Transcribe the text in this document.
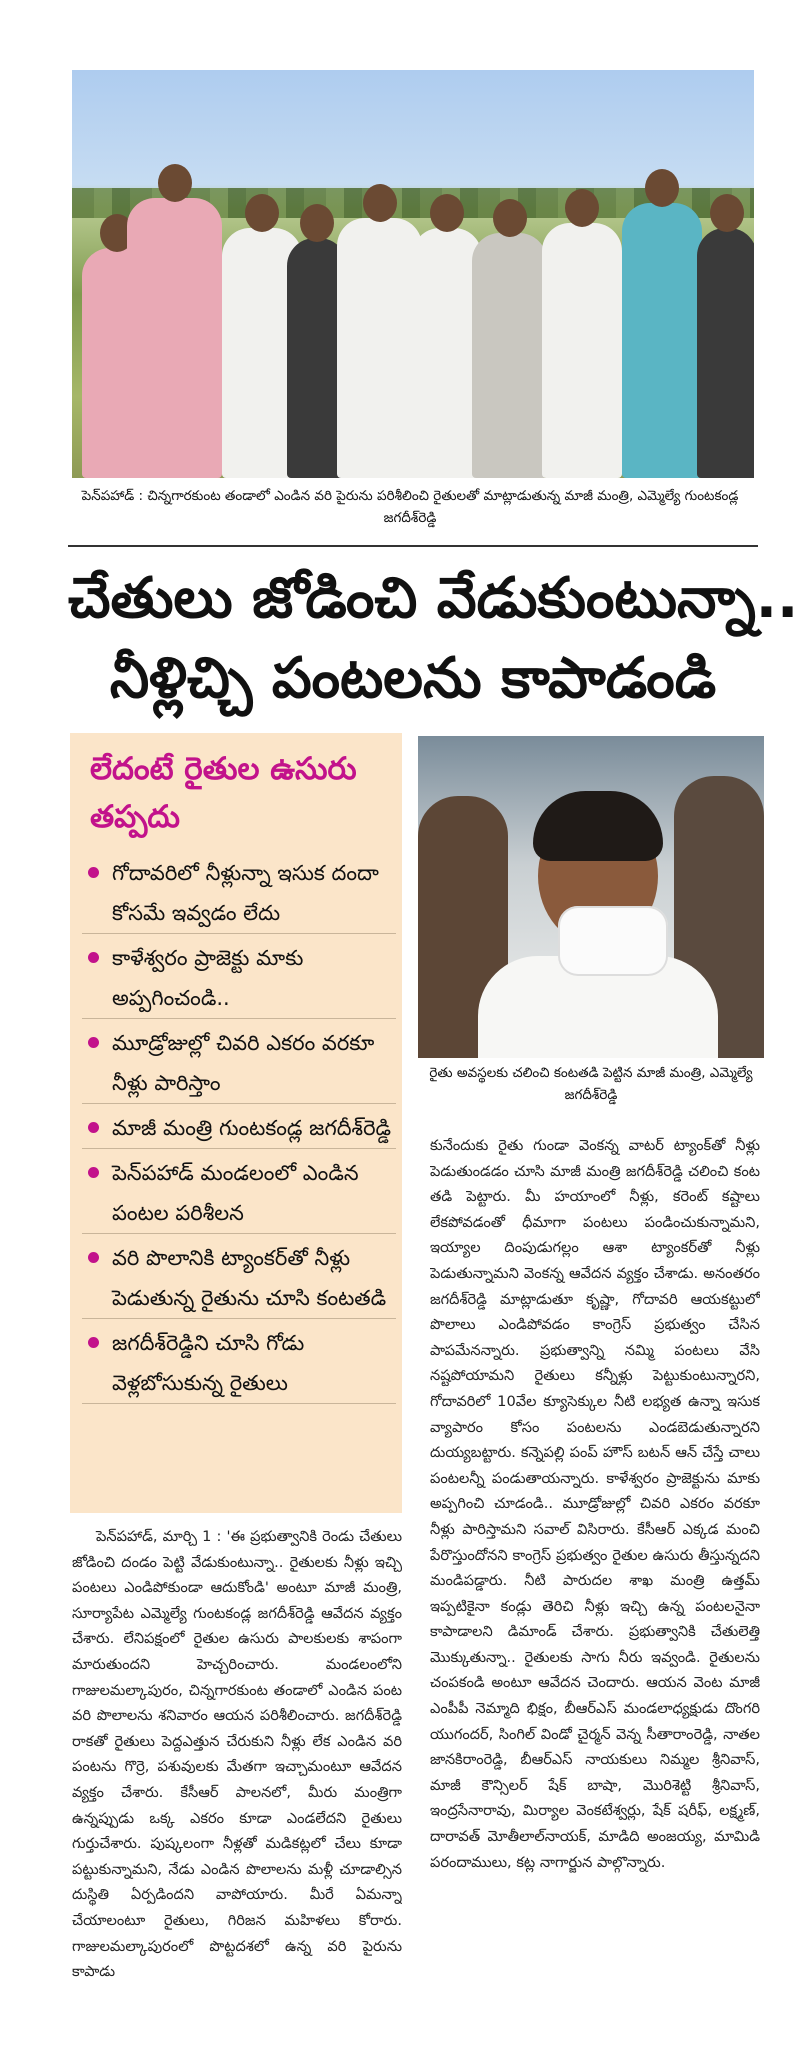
పెన్‌పహాడ్ : చిన్నగారకుంట తండాలో ఎండిన వరి పైరును పరిశీలించి రైతులతో మాట్లాడుతున్న మాజీ మంత్రి, ఎమ్మెల్యే గుంటకండ్ల జగదీశ్‌రెడ్డి
చేతులు జోడించి వేడుకుంటున్నా..
నీళ్లిచ్చి పంటలను కాపాడండి
లేదంటే రైతుల ఉసురు తప్పదు
గోదావరిలో నీళ్లున్నా ఇసుక దందా కోసమే ఇవ్వడం లేదు
కాళేశ్వరం ప్రాజెక్టు మాకు అప్పగించండి..
మూడ్రోజుల్లో చివరి ఎకరం వరకూ నీళ్లు పారిస్తాం
మాజీ మంత్రి గుంటకండ్ల జగదీశ్‌రెడ్డి
పెన్‌పహాడ్ మండలంలో ఎండిన పంటల పరిశీలన
వరి పొలానికి ట్యాంకర్‌తో నీళ్లు పెడుతున్న రైతును చూసి కంటతడి
జగదీశ్‌రెడ్డిని చూసి గోడు వెళ్లబోసుకున్న రైతులు
రైతు అవస్థలకు చలించి కంటతడి పెట్టిన మాజీ మంత్రి, ఎమ్మెల్యే జగదీశ్‌రెడ్డి

పెన్‌పహాడ్, మార్చి 1 : 'ఈ ప్రభుత్వానికి రెండు చేతులు జోడించి దండం పెట్టి వేడుకుంటున్నా.. రైతులకు నీళ్లు ఇచ్చి పంటలు ఎండిపోకుండా ఆదుకోండి' అంటూ మాజీ మంత్రి, సూర్యాపేట ఎమ్మెల్యే గుంటకండ్ల జగదీశ్‌రెడ్డి ఆవేదన వ్యక్తం చేశారు. లేనిపక్షంలో రైతుల ఉసురు పాలకులకు శాపంగా మారుతుందని హెచ్చరించారు. మండలంలోని గాజులమల్కాపురం, చిన్నగారకుంట తండాలో ఎండిన పంట వరి పొలాలను శనివారం ఆయన పరిశీలించారు. జగదీశ్‌రెడ్డి రాకతో రైతులు పెద్దఎత్తున చేరుకుని నీళ్లు లేక ఎండిన వరి పంటను గొర్రె, పశువులకు మేతగా ఇచ్చామంటూ ఆవేదన వ్యక్తం చేశారు. కేసీఆర్ పాలనలో, మీరు మంత్రిగా ఉన్నప్పుడు ఒక్క ఎకరం కూడా ఎండలేదని రైతులు గుర్తుచేశారు. పుష్కలంగా నీళ్లతో మడికట్లలో చేలు కూడా పట్టుకున్నామని, నేడు ఎండిన పొలాలను మళ్లీ చూడాల్సిన దుస్థితి ఏర్పడిందని వాపోయారు. మీరే ఏమన్నా చేయాలంటూ రైతులు, గిరిజన మహిళలు కోరారు. గాజులమల్కాపురంలో పొట్టదశలో ఉన్న వరి పైరును కాపాడు

కునేందుకు రైతు గుండా వెంకన్న వాటర్ ట్యాంక్‌తో నీళ్లు పెడుతుండడం చూసి మాజీ మంత్రి జగదీశ్‌రెడ్డి చలించి కంట తడి పెట్టారు. మీ హయాంలో నీళ్లు, కరెంట్ కష్టాలు లేకపోవడంతో ధీమాగా పంటలు పండించుకున్నామని, ఇయ్యాల దింపుడుగల్లం ఆశా ట్యాంకర్‌తో నీళ్లు పెడుతున్నామని వెంకన్న ఆవేదన వ్యక్తం చేశాడు. అనంతరం జగదీశ్‌రెడ్డి మాట్లాడుతూ కృష్ణా, గోదావరి ఆయకట్టులో పొలాలు ఎండిపోవడం కాంగ్రెస్ ప్రభుత్వం చేసిన పాపమేనన్నారు. ప్రభుత్వాన్ని నమ్మి పంటలు వేసి నష్టపోయామని రైతులు కన్నీళ్లు పెట్టుకుంటున్నారని, గోదావరిలో 10వేల క్యూసెక్కుల నీటి లభ్యత ఉన్నా ఇసుక వ్యాపారం కోసం పంటలను ఎండబెడుతున్నారని దుయ్యబట్టారు. కన్నెపల్లి పంప్ హౌస్ బటన్ ఆన్ చేస్తే చాలు పంటలన్నీ పండుతాయన్నారు. కాళేశ్వరం ప్రాజెక్టును మాకు అప్పగించి చూడండి.. మూడ్రోజుల్లో చివరి ఎకరం వరకూ నీళ్లు పారిస్తామని సవాల్ విసిరారు. కేసీఆర్ ఎక్కడ మంచి పేరొస్తుందోనని కాంగ్రెస్ ప్రభుత్వం రైతుల ఉసురు తీస్తున్నదని మండిపడ్డారు. నీటి పారుదల శాఖ మంత్రి ఉత్తమ్ ఇప్పటికైనా కండ్లు తెరిచి నీళ్లు ఇచ్చి ఉన్న పంటలనైనా కాపాడాలని డిమాండ్ చేశారు. ప్రభుత్వానికి చేతులెత్తి మొక్కుతున్నా.. రైతులకు సాగు నీరు ఇవ్వండి. రైతులను చంపకండి అంటూ ఆవేదన చెందారు. ఆయన వెంట మాజీ ఎంపీపీ నెమ్మాది భిక్షం, బీఆర్‌ఎస్ మండలాధ్యక్షుడు దొంగరి యుగందర్, సింగిల్ విండో చైర్మన్ వెన్న సీతారాంరెడ్డి, నాతల జానకిరాంరెడ్డి, బీఆర్‌ఎస్ నాయకులు నిమ్మల శ్రీనివాస్, మాజీ కౌన్సిలర్ షేక్ బాషా, మొరిశెట్టి శ్రీనివాస్, ఇంద్రసేనారావు, మిర్యాల వెంకటేశ్వర్లు, షేక్ షరీఫ్, లక్ష్మణ్, దారావత్ మోతీలాల్‌నాయక్, మాడిది అంజయ్య, మామిడి పరందాములు, కట్ల నాగార్జున పాల్గొన్నారు.
